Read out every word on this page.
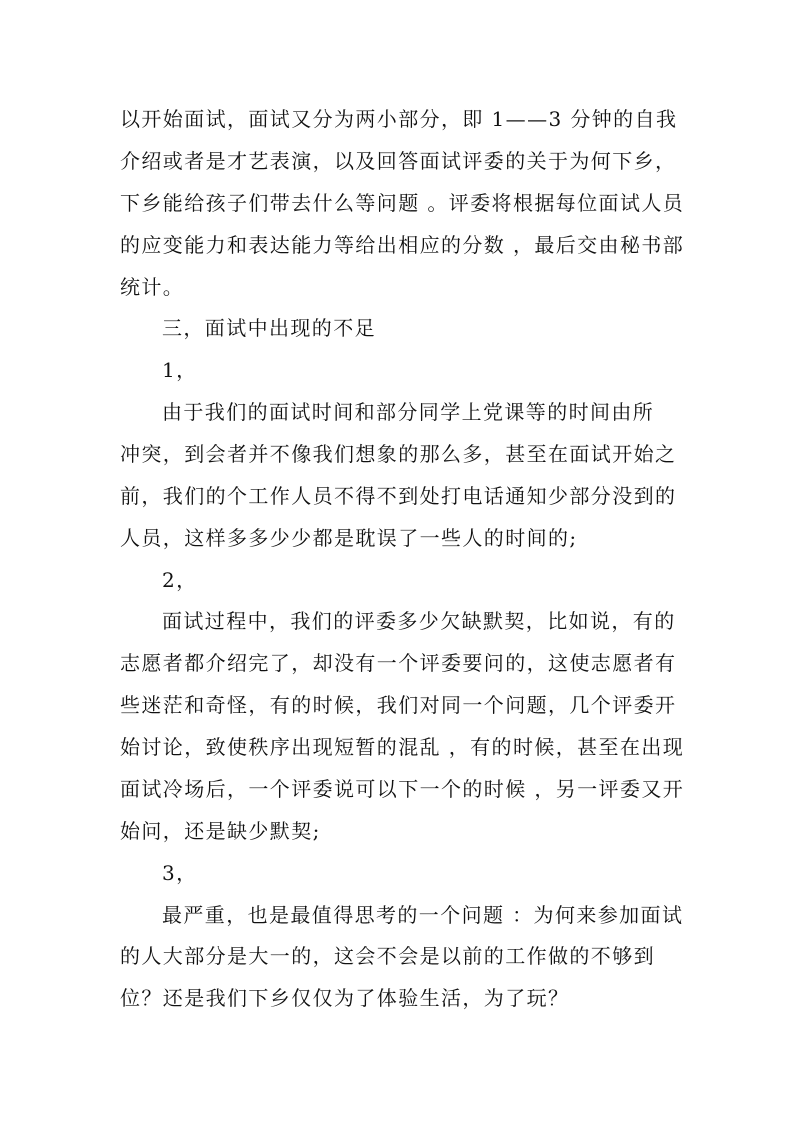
以开始面试，面试又分为两小部分，即 1——3 分钟的自我
介绍或者是才艺表演，以及回答面试评委的关于为何下乡，
下乡能给孩子们带去什么等问题 。评委将根据每位面试人员
的应变能力和表达能力等给出相应的分数 ，最后交由秘书部
统计。
三，面试中出现的不足
1，
由于我们的面试时间和部分同学上党课等的时间由所
冲突，到会者并不像我们想象的那么多，甚至在面试开始之
前，我们的个工作人员不得不到处打电话通知少部分没到的
人员，这样多多少少都是耽误了一些人的时间的;
2，
面试过程中，我们的评委多少欠缺默契，比如说，有的
志愿者都介绍完了，却没有一个评委要问的，这使志愿者有
些迷茫和奇怪，有的时候，我们对同一个问题，几个评委开
始讨论，致使秩序出现短暂的混乱 ，有的时候，甚至在出现
面试冷场后，一个评委说可以下一个的时候 ，另一评委又开
始问，还是缺少默契;
3，
最严重，也是最值得思考的一个问题 ：为何来参加面试
的人大部分是大一的，这会不会是以前的工作做的不够到
位？还是我们下乡仅仅为了体验生活，为了玩？
